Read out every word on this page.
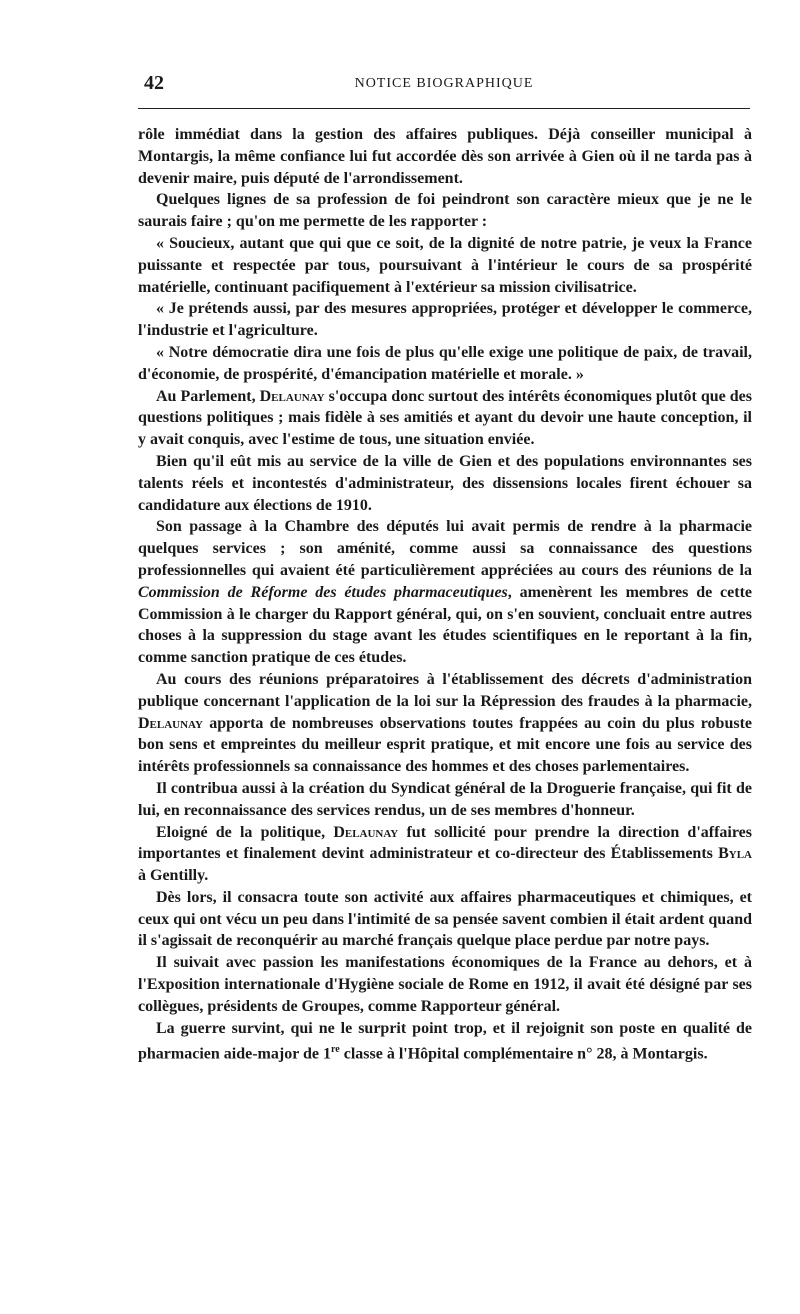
42	NOTICE BIOGRAPHIQUE

rôle immédiat dans la gestion des affaires publiques. Déjà conseiller municipal à Montargis, la même confiance lui fut accordée dès son arrivée à Gien où il ne tarda pas à devenir maire, puis député de l'arrondissement.

Quelques lignes de sa profession de foi peindront son caractère mieux que je ne le saurais faire ; qu'on me permette de les rapporter :

« Soucieux, autant que qui que ce soit, de la dignité de notre patrie, je veux la France puissante et respectée par tous, poursuivant à l'intérieur le cours de sa prospérité matérielle, continuant pacifiquement à l'extérieur sa mission civilisatrice.

« Je prétends aussi, par des mesures appropriées, protéger et développer le commerce, l'industrie et l'agriculture.

« Notre démocratie dira une fois de plus qu'elle exige une politique de paix, de travail, d'économie, de prospérité, d'émancipation matérielle et morale. »

Au Parlement, Delaunay s'occupa donc surtout des intérêts économiques plutôt que des questions politiques ; mais fidèle à ses amitiés et ayant du devoir une haute conception, il y avait conquis, avec l'estime de tous, une situation enviée.

Bien qu'il eût mis au service de la ville de Gien et des populations environnantes ses talents réels et incontestés d'administrateur, des dissensions locales firent échouer sa candidature aux élections de 1910.

Son passage à la Chambre des députés lui avait permis de rendre à la pharmacie quelques services ; son aménité, comme aussi sa connaissance des questions professionnelles qui avaient été particulièrement appréciées au cours des réunions de la Commission de Réforme des études pharmaceutiques, amenèrent les membres de cette Commission à le charger du Rapport général, qui, on s'en souvient, concluait entre autres choses à la suppression du stage avant les études scientifiques en le reportant à la fin, comme sanction pratique de ces études.

Au cours des réunions préparatoires à l'établissement des décrets d'administration publique concernant l'application de la loi sur la Répression des fraudes à la pharmacie, Delaunay apporta de nombreuses observations toutes frappées au coin du plus robuste bon sens et empreintes du meilleur esprit pratique, et mit encore une fois au service des intérêts professionnels sa connaissance des hommes et des choses parlementaires.

Il contribua aussi à la création du Syndicat général de la Droguerie française, qui fit de lui, en reconnaissance des services rendus, un de ses membres d'honneur.

Eloigné de la politique, Delaunay fut sollicité pour prendre la direction d'affaires importantes et finalement devint administrateur et co-directeur des Établissements Byla à Gentilly.

Dès lors, il consacra toute son activité aux affaires pharmaceutiques et chimiques, et ceux qui ont vécu un peu dans l'intimité de sa pensée savent combien il était ardent quand il s'agissait de reconquérir au marché français quelque place perdue par notre pays.

Il suivait avec passion les manifestations économiques de la France au dehors, et à l'Exposition internationale d'Hygiène sociale de Rome en 1912, il avait été désigné par ses collègues, présidents de Groupes, comme Rapporteur général.

La guerre survint, qui ne le surprit point trop, et il rejoignit son poste en qualité de pharmacien aide-major de 1re classe à l'Hôpital complémentaire n° 28, à Montargis.
